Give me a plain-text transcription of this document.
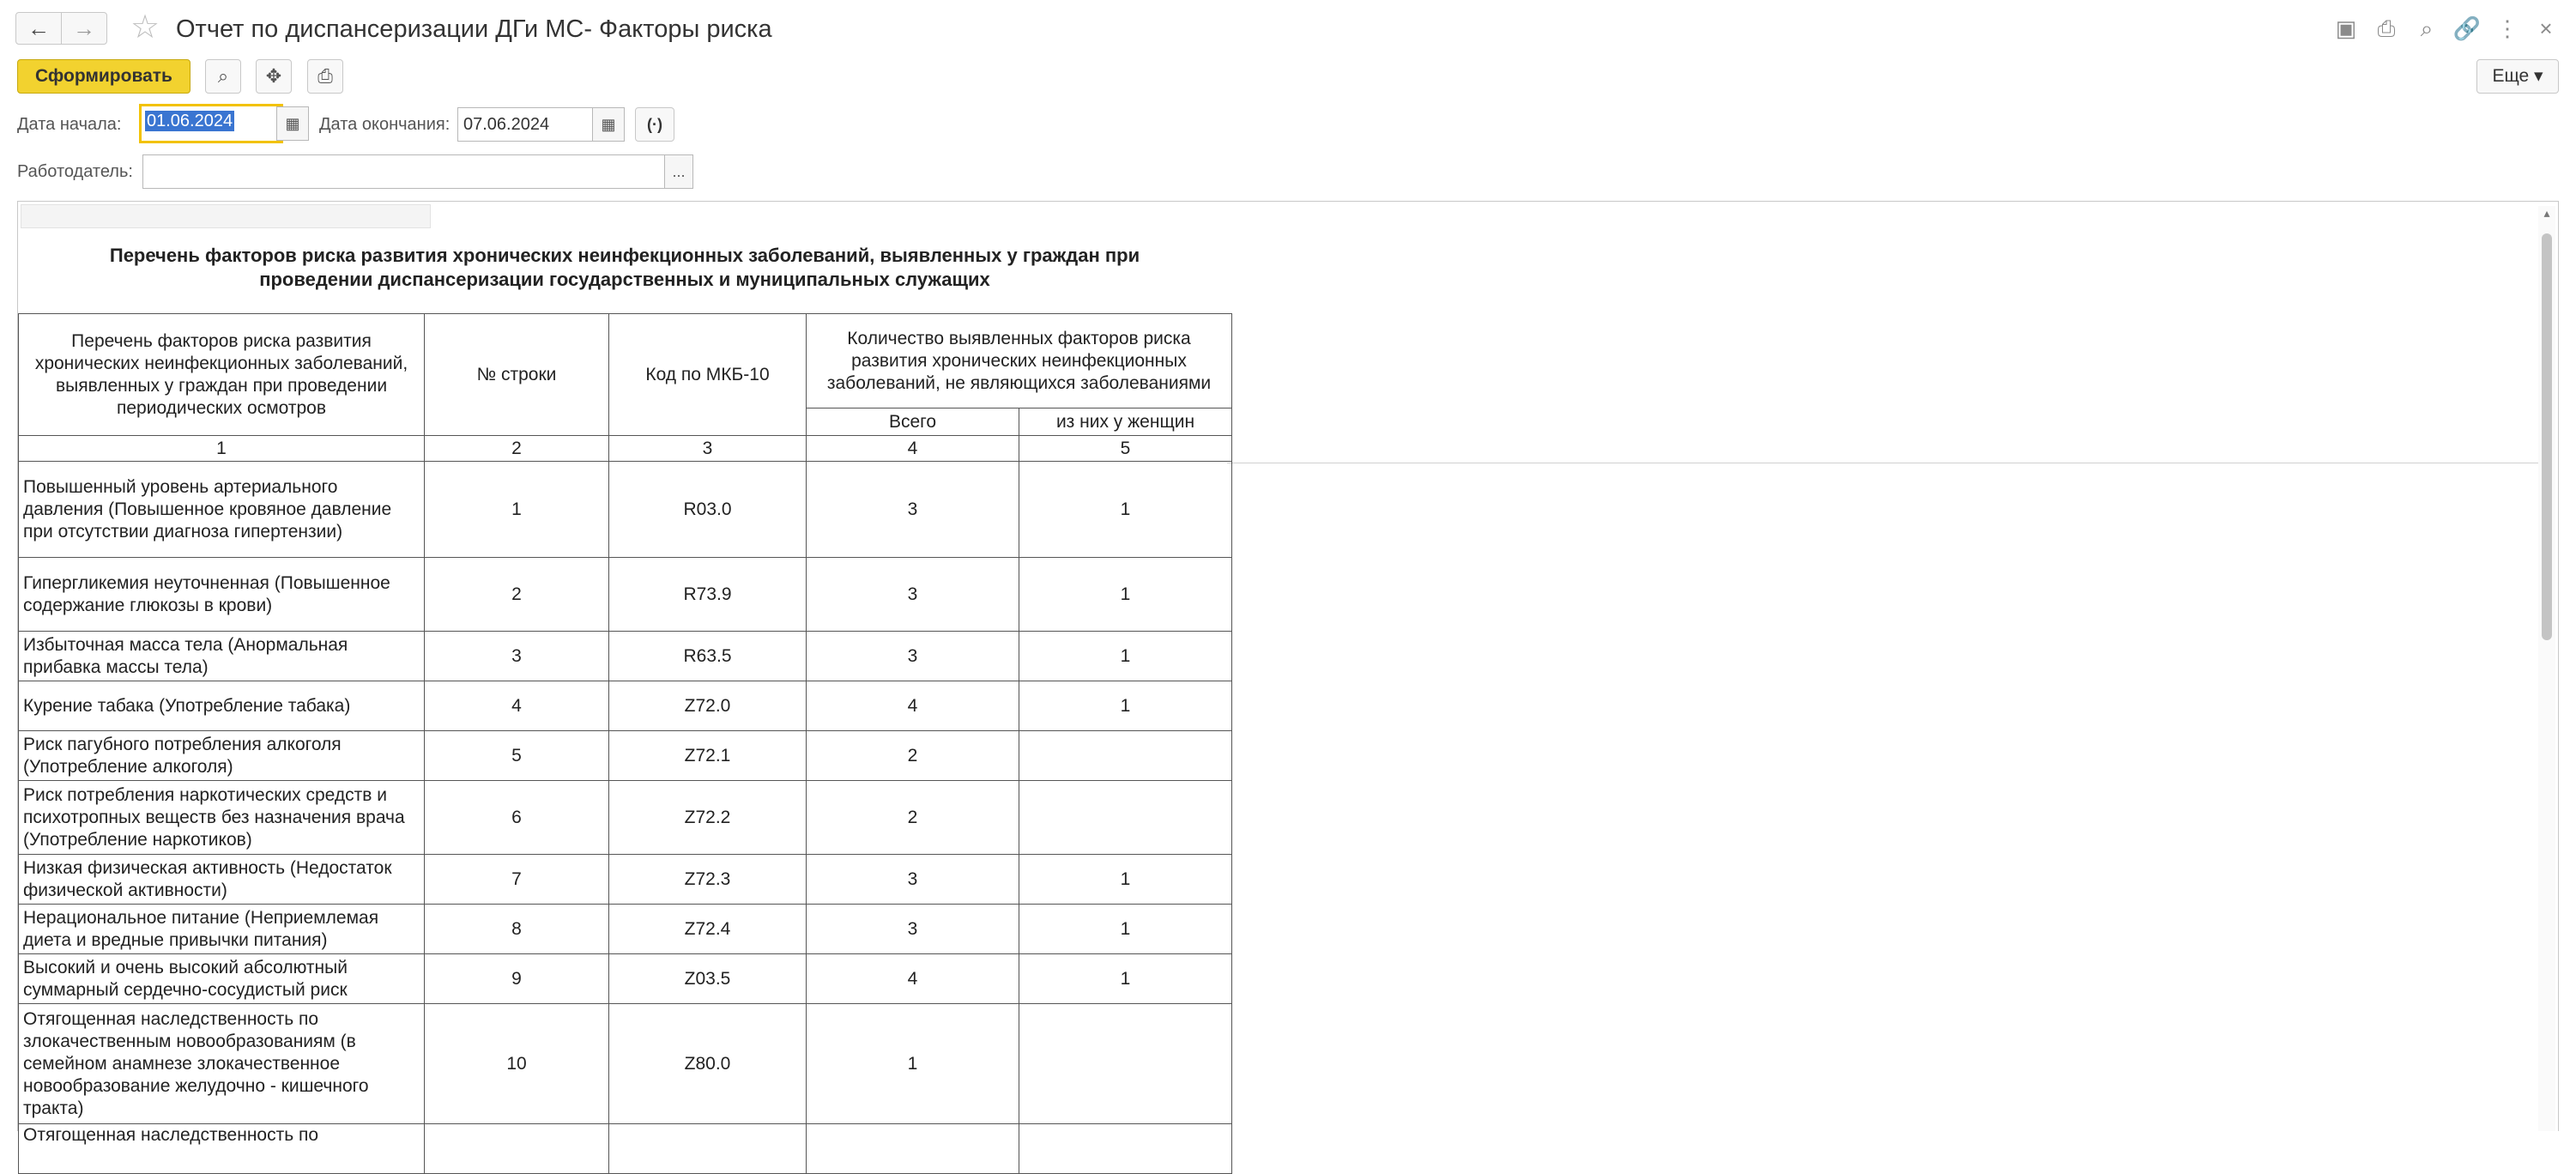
←	→	☆ Отчет по диспансеризации ДГи МС- Факторы риска	▣ ⎙	⌕ 🔗 ⋮ ×
Сформировать	⌕	✥	⎙	Еще ▾
Дата начала:	01.06.2024	▦	Дата окончания: 07.06.2024	▦	(·)
Работодатель:	...
Перечень факторов риска развития хронических неинфекционных заболеваний, выявленных у граждан при проведении диспансеризации государственных и муниципальных служащих
Перечень факторов риска развития хронических неинфекционных заболеваний, выявленных у граждан при проведении периодических осмотров	№ строки	Код по МКБ-10	Количество выявленных факторов риска развития хронических неинфекционных заболеваний, не являющихся заболеваниями	
			Всего	из них у женщин
1	2	3	4	5
Повышенный уровень артериального давления (Повышенное кровяное давление при отсутствии диагноза гипертензии)	1	R03.0	3	1
Гипергликемия неуточненная (Повышенное содержание глюкозы в крови)	2	R73.9	3	1
Избыточная масса тела (Анормальная прибавка массы тела)	3	R63.5	3	1
Курение табака (Употребление табака)	4	Z72.0	4	1
Риск пагубного потребления алкоголя (Употребление алкоголя)	5	Z72.1	2	
Риск потребления наркотических средств и психотропных веществ без назначения врача (Употребление наркотиков)	6	Z72.2	2	
Низкая физическая активность (Недостаток физической активности)	7	Z72.3	3	1
Нерациональное питание (Неприемлемая диета и вредные привычки питания)	8	Z72.4	3	1
Высокий и очень высокий абсолютный суммарный сердечно-сосудистый риск	9	Z03.5	4	1
Отягощенная наследственность по злокачественным новообразованиям (в семейном анамнезе злокачественное новообразование желудочно - кишечного тракта)	10	Z80.0	1	
Отягощенная наследственность по				
▴
